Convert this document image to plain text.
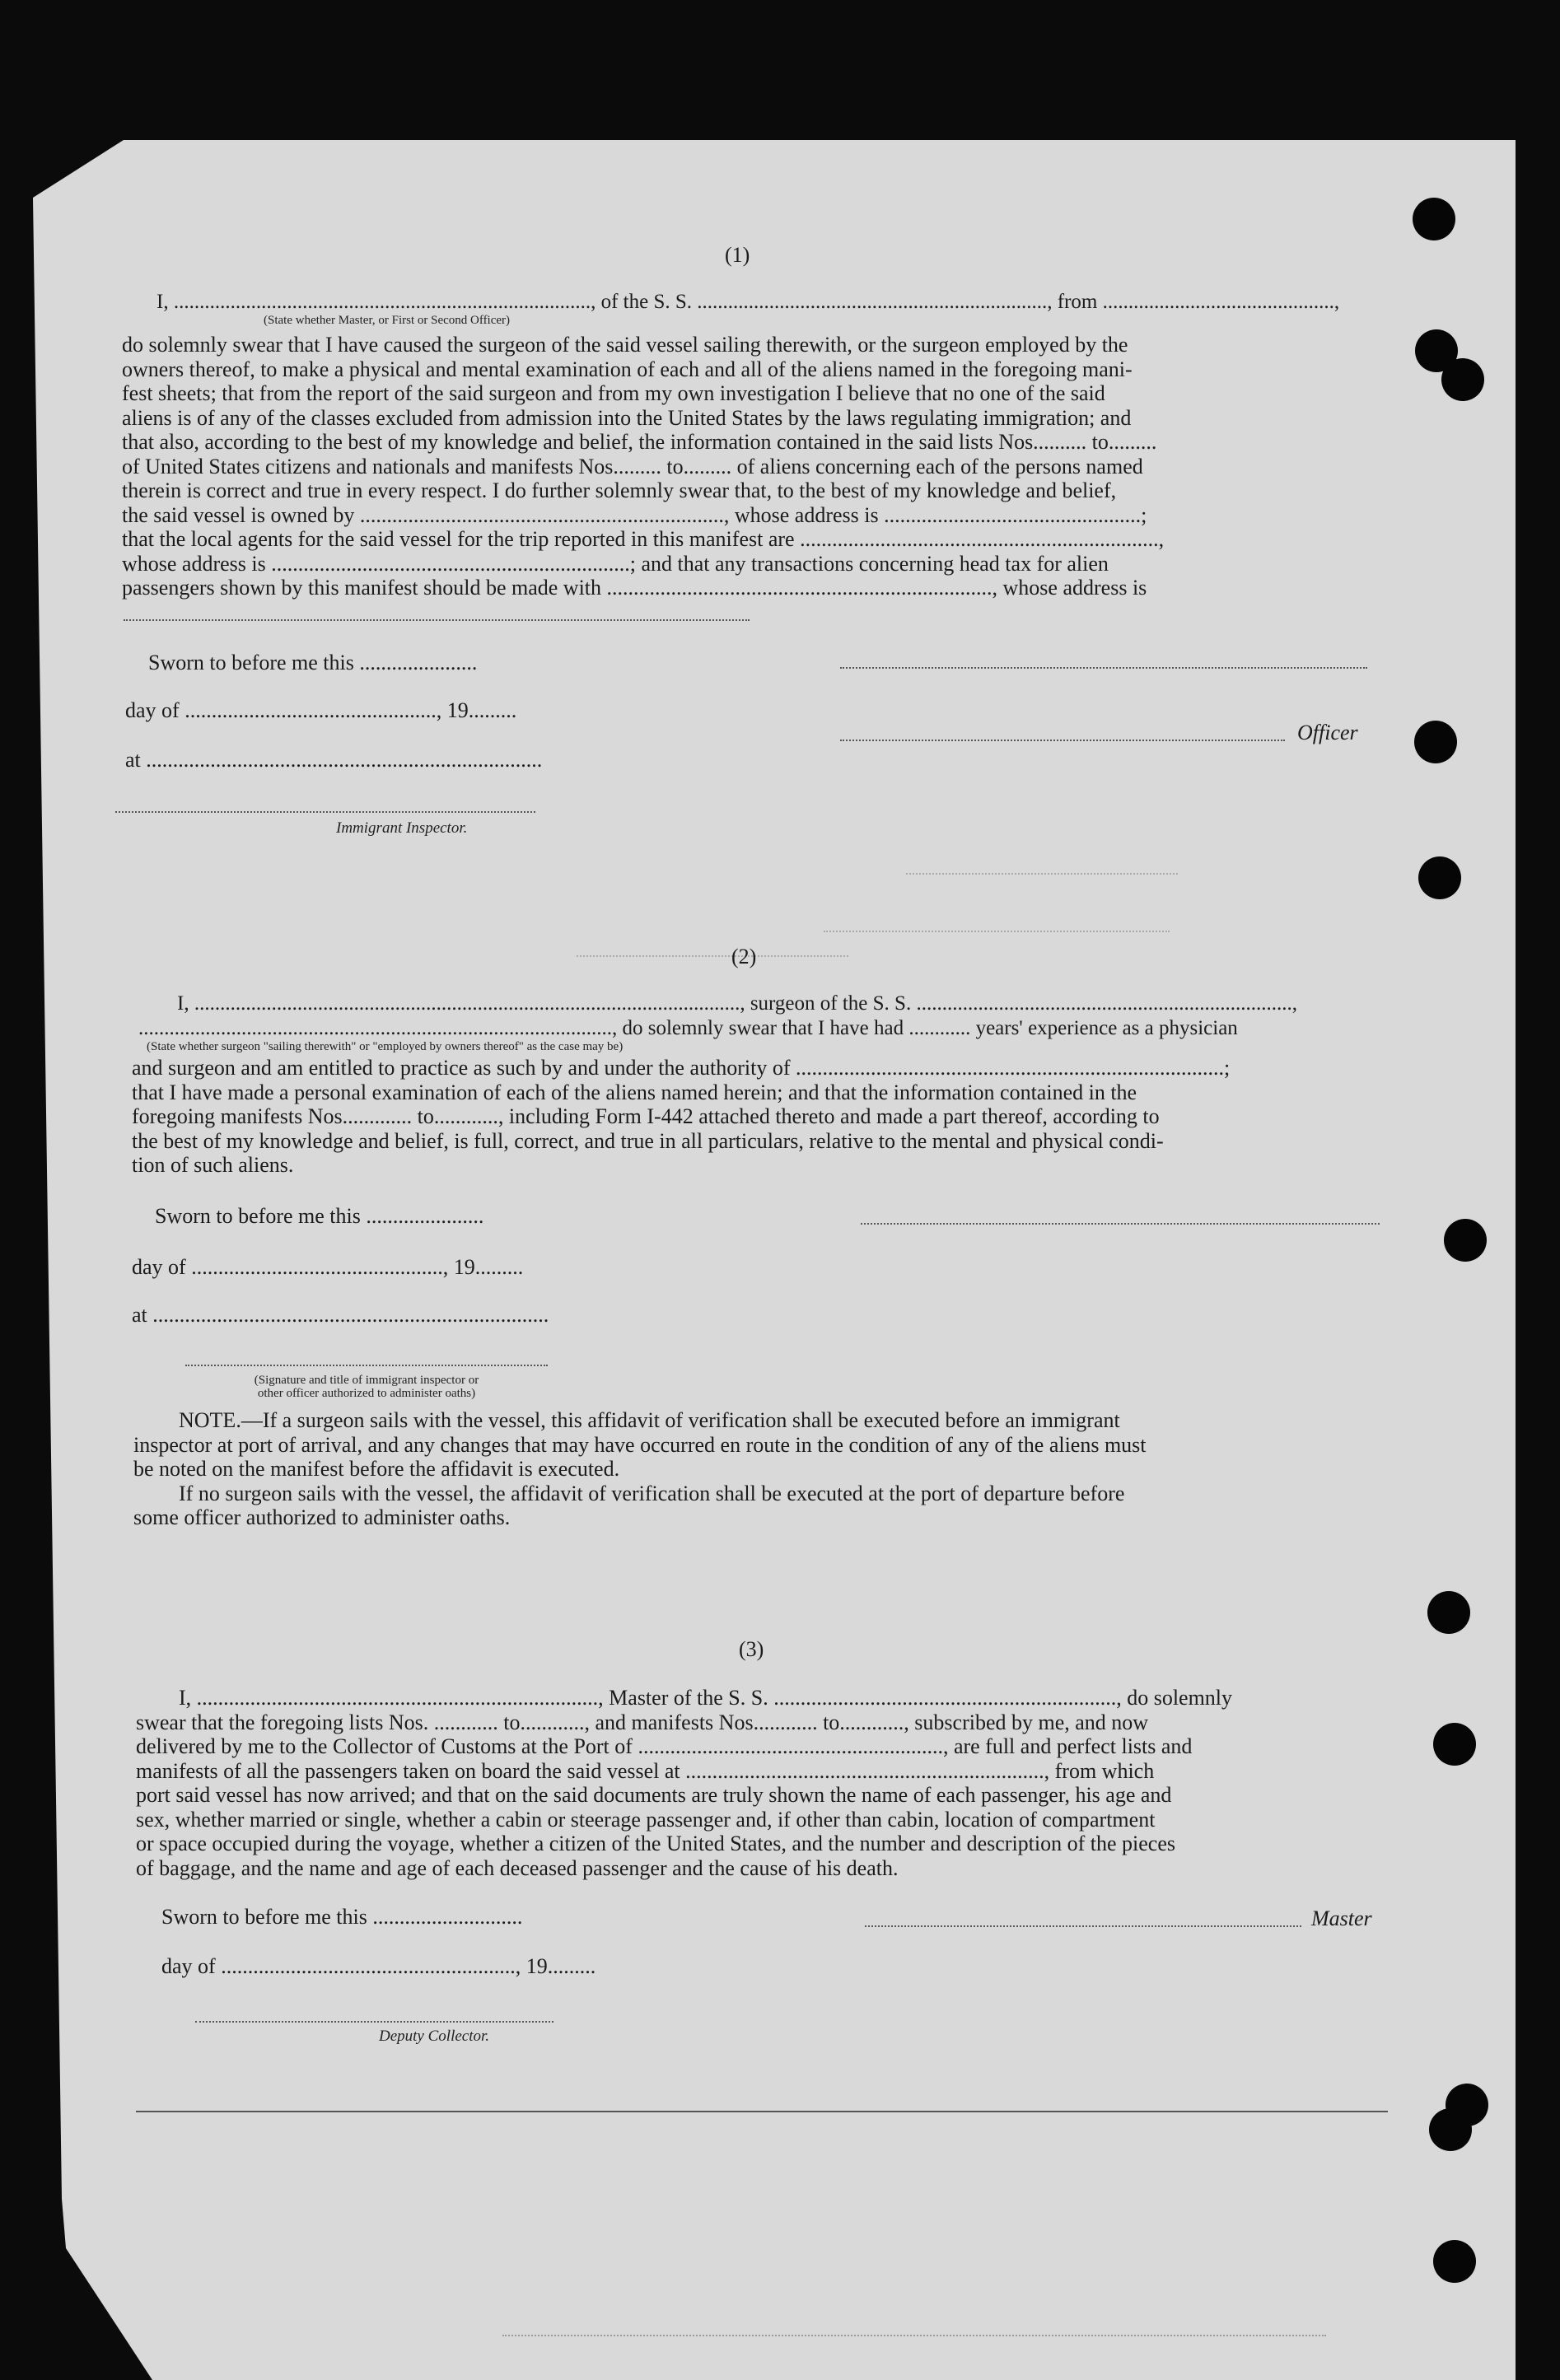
(1)
I, ................................................................................., of the S. S. ...................................................................., from .............................................,
(State whether Master, or First or Second Officer)
do solemnly swear that I have caused the surgeon of the said vessel sailing therewith, or the surgeon employed by the
owners thereof, to make a physical and mental examination of each and all of the aliens named in the foregoing mani-
fest sheets; that from the report of the said surgeon and from my own investigation I believe that no one of the said
aliens is of any of the classes excluded from admission into the United States by the laws regulating immigration; and
that also, according to the best of my knowledge and belief, the information contained in the said lists Nos.......... to.........
of United States citizens and nationals and manifests Nos......... to......... of aliens concerning each of the persons named
therein is correct and true in every respect. I do further solemnly swear that, to the best of my knowledge and belief,
the said vessel is owned by ...................................................................., whose address is ................................................;
that the local agents for the said vessel for the trip reported in this manifest are ...................................................................,
whose address is ...................................................................; and that any transactions concerning head tax for alien
passengers shown by this manifest should be made with ........................................................................, whose address is
Sworn to before me this ......................
day of ..............................................., 19.........
at ..........................................................................
Immigrant Inspector.
Officer
(2)
I, .........................................................................................................., surgeon of the S. S. .........................................................................,
............................................................................................, do solemnly swear that I have had ............ years' experience as a physician
(State whether surgeon "sailing therewith" or "employed by owners thereof" as the case may be)
and surgeon and am entitled to practice as such by and under the authority of ................................................................................;
that I have made a personal examination of each of the aliens named herein; and that the information contained in the
foregoing manifests Nos............. to............, including Form I-442 attached thereto and made a part thereof, according to
the best of my knowledge and belief, is full, correct, and true in all particulars, relative to the mental and physical condi-
tion of such aliens.
Sworn to before me this ......................
day of ..............................................., 19.........
at ..........................................................................
(Signature and title of immigrant inspector or
other officer authorized to administer oaths)
NOTE.—If a surgeon sails with the vessel, this affidavit of verification shall be executed before an immigrant
inspector at port of arrival, and any changes that may have occurred en route in the condition of any of the aliens must
be noted on the manifest before the affidavit is executed.
If no surgeon sails with the vessel, the affidavit of verification shall be executed at the port of departure before
some officer authorized to administer oaths.
(3)
I, ..........................................................................., Master of the S. S. ................................................................, do solemnly
swear that the foregoing lists Nos. ............ to............, and manifests Nos............ to............, subscribed by me, and now
delivered by me to the Collector of Customs at the Port of ........................................................., are full and perfect lists and
manifests of all the passengers taken on board the said vessel at ..................................................................., from which
port said vessel has now arrived; and that on the said documents are truly shown the name of each passenger, his age and
sex, whether married or single, whether a cabin or steerage passenger and, if other than cabin, location of compartment
or space occupied during the voyage, whether a citizen of the United States, and the number and description of the pieces
of baggage, and the name and age of each deceased passenger and the cause of his death.
Sworn to before me this ............................
day of ......................................................., 19.........
Deputy Collector.
Master
